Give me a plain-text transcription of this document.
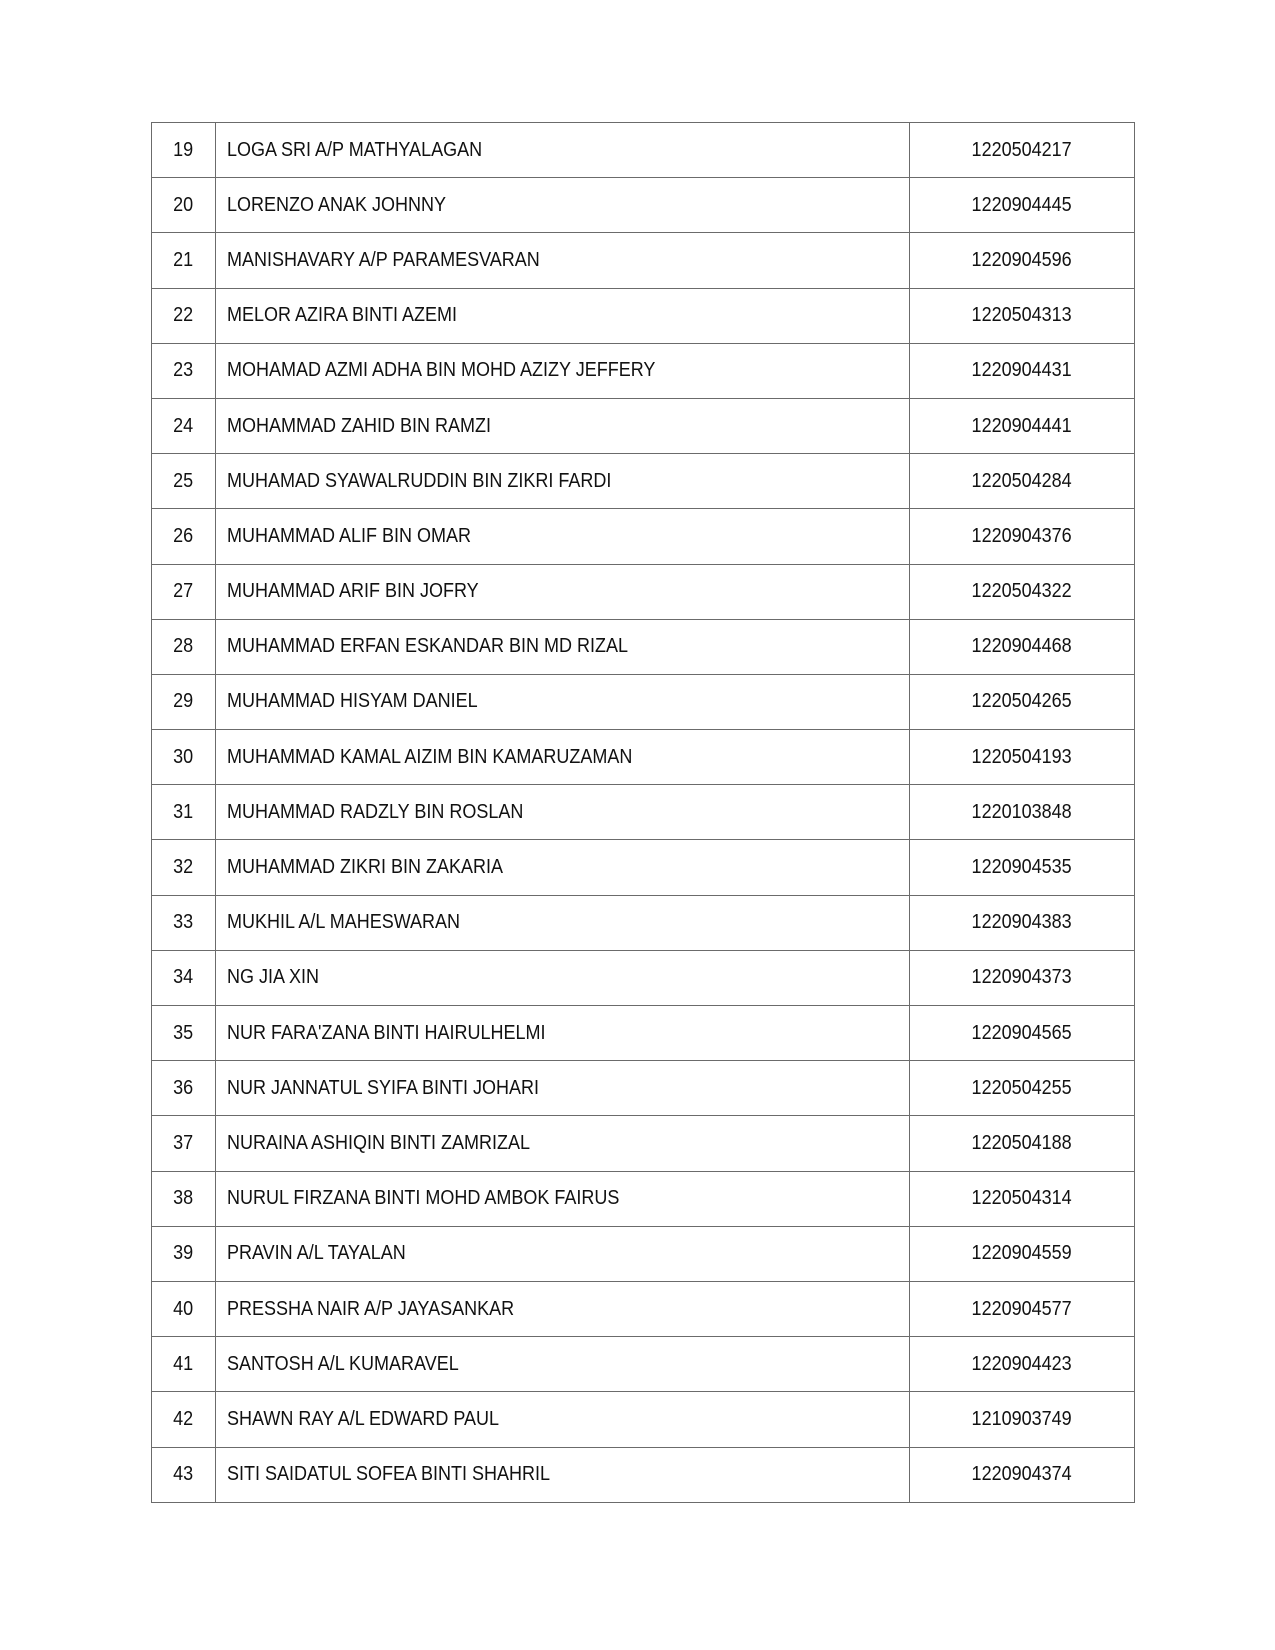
19	LOGA SRI A/P MATHYALAGAN	1220504217
20	LORENZO ANAK JOHNNY	1220904445
21	MANISHAVARY A/P PARAMESVARAN	1220904596
22	MELOR AZIRA BINTI AZEMI	1220504313
23	MOHAMAD AZMI ADHA BIN MOHD AZIZY JEFFERY	1220904431
24	MOHAMMAD ZAHID BIN RAMZI	1220904441
25	MUHAMAD SYAWALRUDDIN BIN ZIKRI FARDI	1220504284
26	MUHAMMAD ALIF BIN OMAR	1220904376
27	MUHAMMAD ARIF BIN JOFRY	1220504322
28	MUHAMMAD ERFAN ESKANDAR BIN MD RIZAL	1220904468
29	MUHAMMAD HISYAM DANIEL	1220504265
30	MUHAMMAD KAMAL AIZIM BIN KAMARUZAMAN	1220504193
31	MUHAMMAD RADZLY BIN ROSLAN	1220103848
32	MUHAMMAD ZIKRI BIN ZAKARIA	1220904535
33	MUKHIL A/L MAHESWARAN	1220904383
34	NG JIA XIN	1220904373
35	NUR FARA'ZANA BINTI HAIRULHELMI	1220904565
36	NUR JANNATUL SYIFA BINTI JOHARI	1220504255
37	NURAINA ASHIQIN BINTI ZAMRIZAL	1220504188
38	NURUL FIRZANA BINTI MOHD AMBOK FAIRUS	1220504314
39	PRAVIN A/L TAYALAN	1220904559
40	PRESSHA NAIR A/P JAYASANKAR	1220904577
41	SANTOSH A/L KUMARAVEL	1220904423
42	SHAWN RAY A/L EDWARD PAUL	1210903749
43	SITI SAIDATUL SOFEA BINTI SHAHRIL	1220904374
